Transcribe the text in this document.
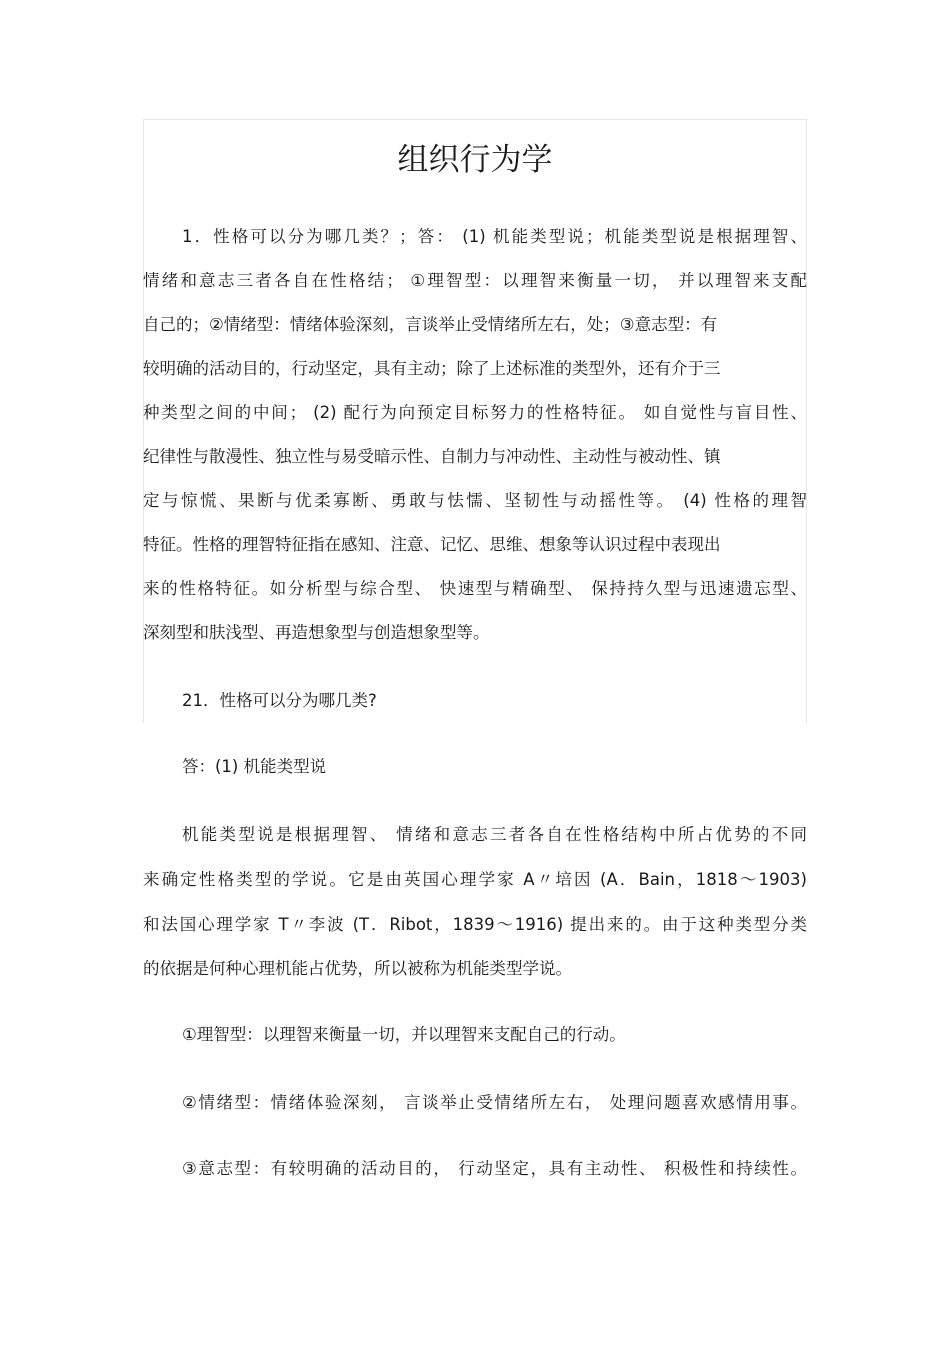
组织行为学

1．性格可以分为哪几类？；答： (1) 机能类型说；机能类型说是根据理智、

情绪和意志三者各自在性格结； ①理智型：以理智来衡量一切， 并以理智来支配

自己的；②情绪型：情绪体验深刻，言谈举止受情绪所左右，处；③意志型：有

较明确的活动目的，行动坚定，具有主动；除了上述标准的类型外，还有介于三

种类型之间的中间； (2) 配行为向预定目标努力的性格特征。 如自觉性与盲目性、

纪律性与散漫性、独立性与易受暗示性、自制力与冲动性、主动性与被动性、镇

定与惊慌、果断与优柔寡断、勇敢与怯懦、坚韧性与动摇性等。 (4) 性格的理智

特征。性格的理智特征指在感知、注意、记忆、思维、想象等认识过程中表现出

来的性格特征。如分析型与综合型、 快速型与精确型、 保持持久型与迅速遗忘型、

深刻型和肤浅型、再造想象型与创造想象型等。

21．性格可以分为哪几类?

答：(1) 机能类型说

机能类型说是根据理智、 情绪和意志三者各自在性格结构中所占优势的不同

来确定性格类型的学说。它是由英国心理学家 A〃培因 (A．Bain，1818～1903)

和法国心理学家 T〃李波 (T．Ribot，1839～1916) 提出来的。由于这种类型分类

的依据是何种心理机能占优势，所以被称为机能类型学说。

①理智型：以理智来衡量一切，并以理智来支配自己的行动。

②情绪型：情绪体验深刻， 言谈举止受情绪所左右， 处理问题喜欢感情用事。

③意志型：有较明确的活动目的， 行动坚定，具有主动性、 积极性和持续性。
